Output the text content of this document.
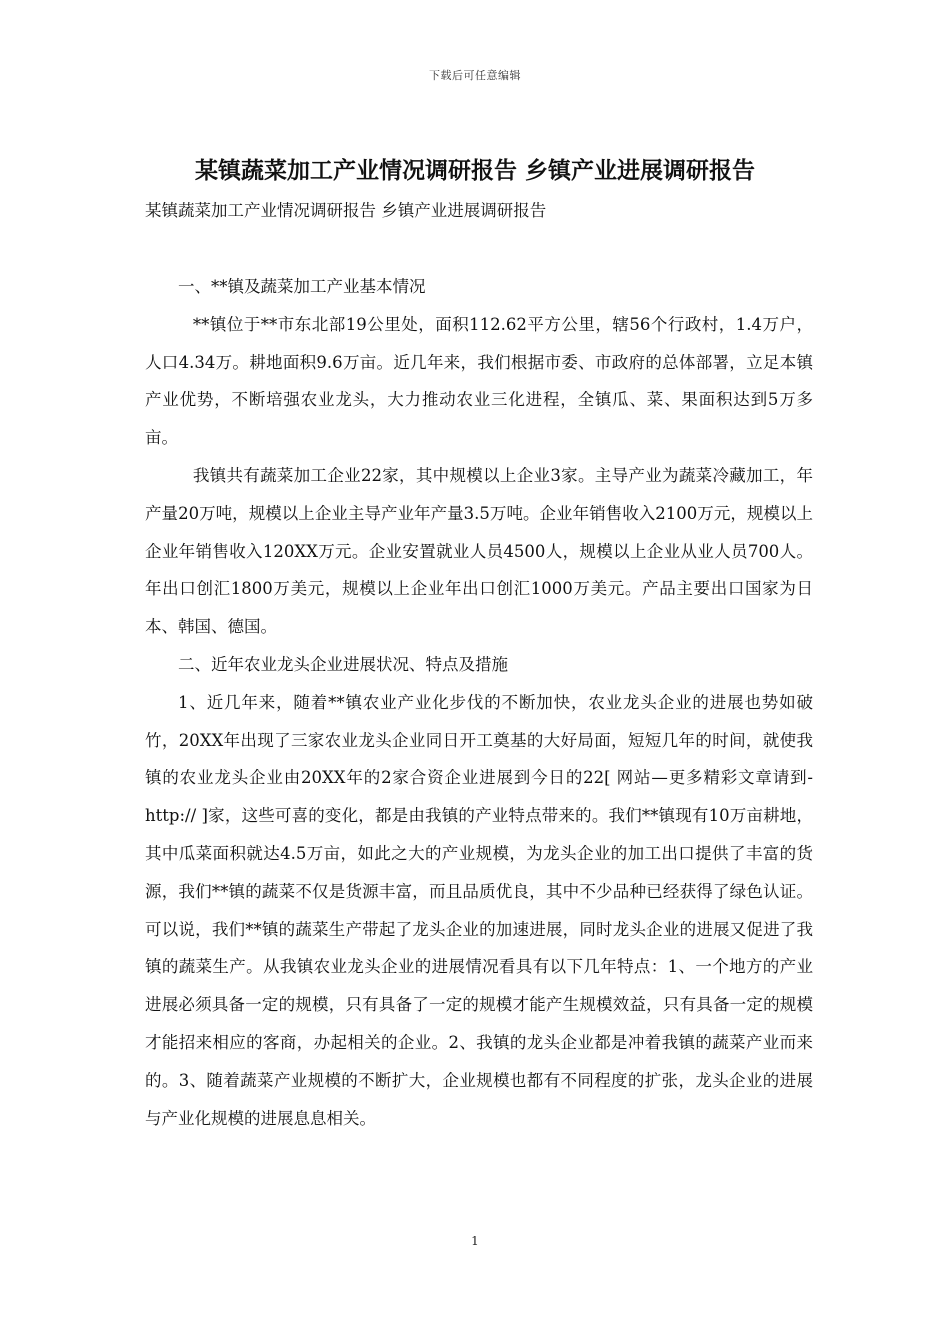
下载后可任意编辑
某镇蔬菜加工产业情况调研报告 乡镇产业进展调研报告

某镇蔬菜加工产业情况调研报告 乡镇产业进展调研报告

一、**镇及蔬菜加工产业基本情况

**镇位于**市东北部19公里处，面积112.62平方公里，辖56个行政村，1.4万户，人口4.34万。耕地面积9.6万亩。近几年来，我们根据市委、市政府的总体部署，立足本镇产业优势，不断培强农业龙头，大力推动农业三化进程，全镇瓜、菜、果面积达到5万多亩。

我镇共有蔬菜加工企业22家，其中规模以上企业3家。主导产业为蔬菜冷藏加工，年产量20万吨，规模以上企业主导产业年产量3.5万吨。企业年销售收入2100万元，规模以上企业年销售收入120XX万元。企业安置就业人员4500人，规模以上企业从业人员700人。年出口创汇1800万美元，规模以上企业年出口创汇1000万美元。产品主要出口国家为日本、韩国、德国。

二、近年农业龙头企业进展状况、特点及措施

1、近几年来，随着**镇农业产业化步伐的不断加快，农业龙头企业的进展也势如破竹，20XX年出现了三家农业龙头企业同日开工奠基的大好局面，短短几年的时间，就使我镇的农业龙头企业由20XX年的2家合资企业进展到今日的22[ 网站—更多精彩文章请到-http:// ]家，这些可喜的变化，都是由我镇的产业特点带来的。我们**镇现有10万亩耕地，其中瓜菜面积就达4.5万亩，如此之大的产业规模，为龙头企业的加工出口提供了丰富的货源，我们**镇的蔬菜不仅是货源丰富，而且品质优良，其中不少品种已经获得了绿色认证。可以说，我们**镇的蔬菜生产带起了龙头企业的加速进展，同时龙头企业的进展又促进了我镇的蔬菜生产。从我镇农业龙头企业的进展情况看具有以下几年特点：1、一个地方的产业进展必须具备一定的规模，只有具备了一定的规模才能产生规模效益，只有具备一定的规模才能招来相应的客商，办起相关的企业。2、我镇的龙头企业都是冲着我镇的蔬菜产业而来的。3、随着蔬菜产业规模的不断扩大，企业规模也都有不同程度的扩张，龙头企业的进展与产业化规模的进展息息相关。

1
